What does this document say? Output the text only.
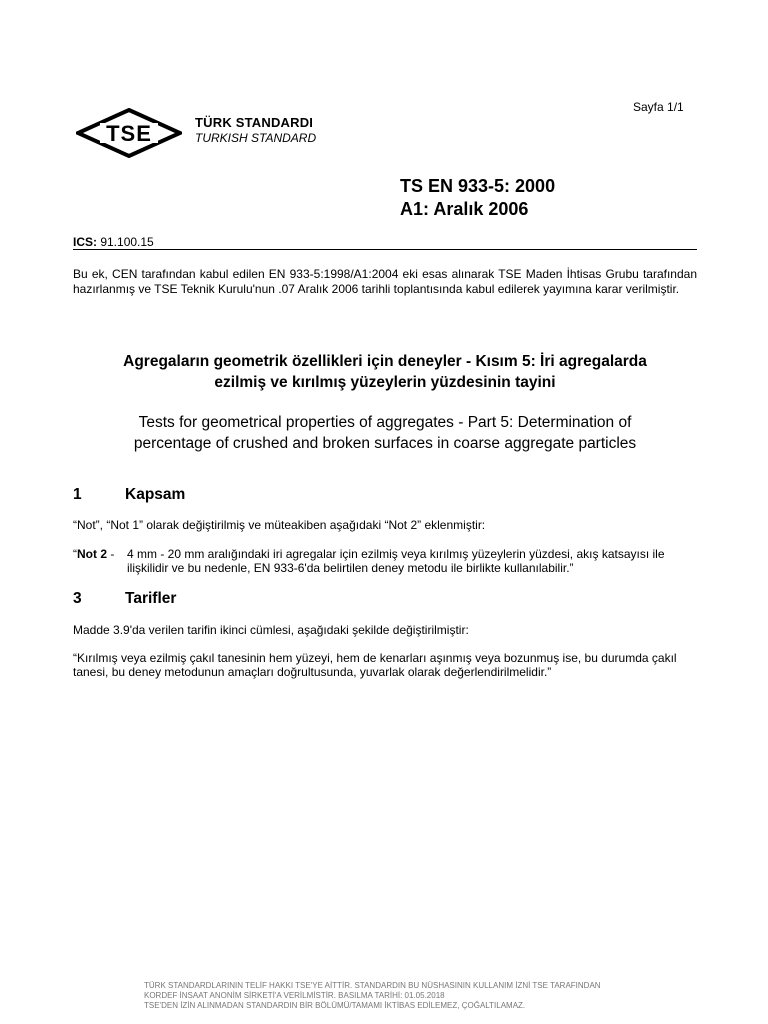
Sayfa 1/1
TSE	TÜRK STANDARDI
TURKISH STANDARD
TS EN 933-5: 2000
A1: Aralık 2006
ICS: 91.100.15
Bu ek, CEN tarafından kabul edilen EN 933-5:1998/A1:2004 eki esas alınarak TSE Maden İhtisas Grubu tarafından hazırlanmış ve TSE Teknik Kurulu'nun .07 Aralık 2006 tarihli toplantısında kabul edilerek yayımına karar verilmiştir.
Agregaların geometrik özellikleri için deneyler - Kısım 5: İri agregalarda
ezilmiş ve kırılmış yüzeylerin yüzdesinin tayini
Tests for geometrical properties of aggregates - Part 5: Determination of
percentage of crushed and broken surfaces in coarse aggregate particles
1	Kapsam
“Not”, “Not 1” olarak değiştirilmiş ve müteakiben aşağıdaki “Not 2” eklenmiştir:
“Not 2 - 4 mm - 20 mm aralığındaki iri agregalar için ezilmiş veya kırılmış yüzeylerin yüzdesi, akış katsayısı ile ilişkilidir ve bu nedenle, EN 933-6'da belirtilen deney metodu ile birlikte kullanılabilir.”
3	Tarifler
Madde 3.9'da verilen tarifin ikinci cümlesi, aşağıdaki şekilde değiştirilmiştir:
“Kırılmış veya ezilmiş çakıl tanesinin hem yüzeyi, hem de kenarları aşınmış veya bozunmuş ise, bu durumda çakıl tanesi, bu deney metodunun amaçları doğrultusunda, yuvarlak olarak değerlendirilmelidir.”
TÜRK STANDARDLARININ TELİF HAKKI TSE'YE AİTTİR. STANDARDIN BU NÜSHASININ KULLANIM İZNİ TSE TARAFINDAN
KORDEF İNSAAT ANONİM SİRKETİ'A VERİLMİSTİR. BASILMA TARİHİ: 01.05.2018
TSE'DEN İZİN ALINMADAN STANDARDIN BİR BÖLÜMÜ/TAMAMI İKTİBAS EDİLEMEZ, ÇOĞALTILAMAZ.
